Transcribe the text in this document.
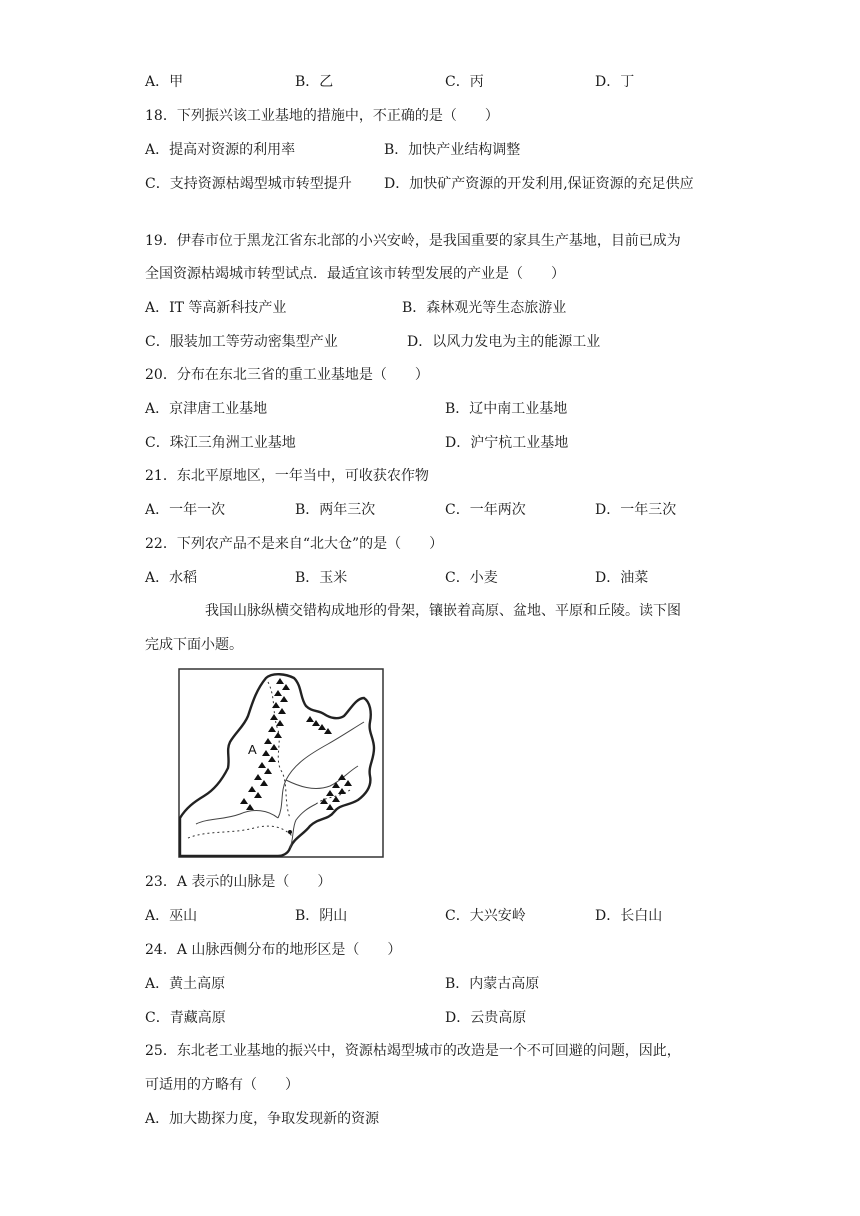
A．甲	B．乙	C．丙	D．丁
18．下列振兴该工业基地的措施中，不正确的是（　　）
A．提高对资源的利用率	B．加快产业结构调整
C．支持资源枯竭型城市转型提升 D．加快矿产资源的开发利用,保证资源的充足供应
19．伊春市位于黑龙江省东北部的小兴安岭，是我国重要的家具生产基地，目前已成为
全国资源枯竭城市转型试点．最适宜该市转型发展的产业是（　　）
A．IT 等高新科技产业	B．森林观光等生态旅游业
C．服装加工等劳动密集型产业	D．以风力发电为主的能源工业
20．分布在东北三省的重工业基地是（　　）
A．京津唐工业基地	B．辽中南工业基地
C．珠江三角洲工业基地	D．沪宁杭工业基地
21．东北平原地区，一年当中，可收获农作物
A．一年一次	B．两年三次	C．一年两次	D．一年三次
22．下列农产品不是来自“北大仓”的是（　　）
A．水稻	B．玉米	C．小麦	D．油菜
我国山脉纵横交错构成地形的骨架，镶嵌着高原、盆地、平原和丘陵。读下图
完成下面小题。
A
23．A 表示的山脉是（　　）
A．巫山	B．阴山	C．大兴安岭	D．长白山
24．A 山脉西侧分布的地形区是（　　）
A．黄土高原	B．内蒙古高原
C．青藏高原	D．云贵高原
25．东北老工业基地的振兴中，资源枯竭型城市的改造是一个不可回避的问题，因此，
可适用的方略有（　　）
A．加大勘探力度，争取发现新的资源
